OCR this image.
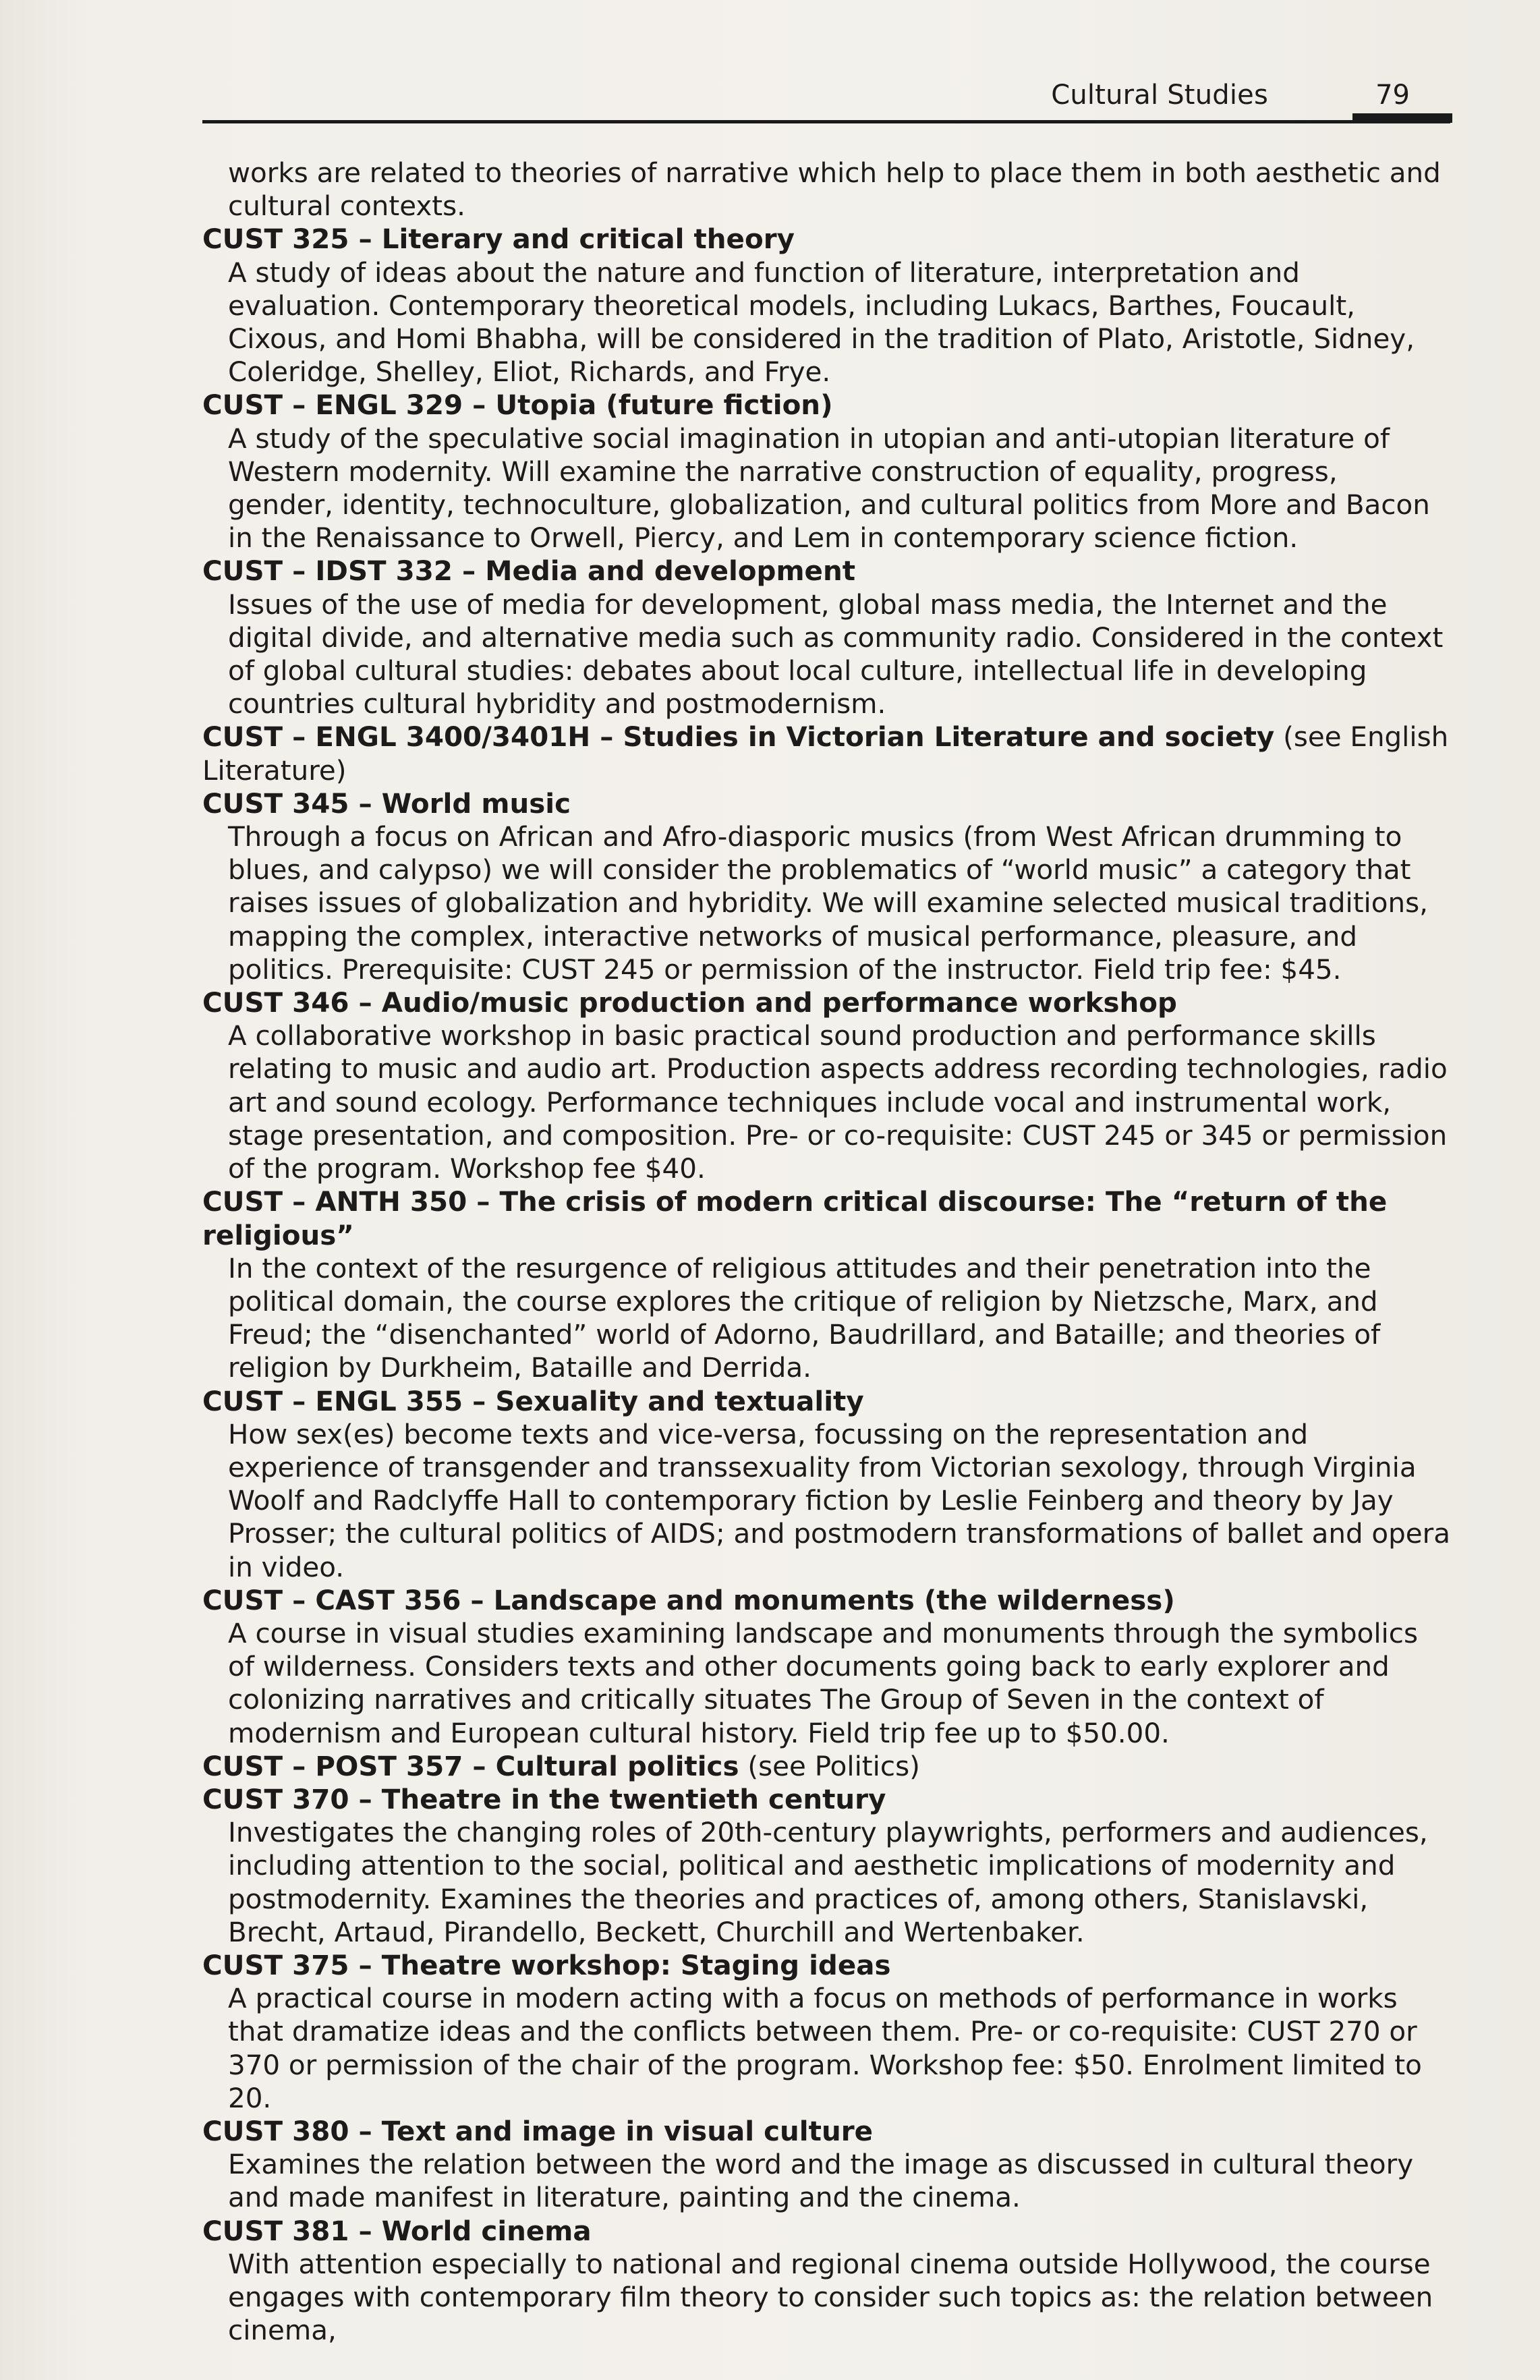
Cultural Studies	79

works are related to theories of narrative which help to place them in both aesthetic and cultural contexts.

CUST 325 – Literary and critical theory

A study of ideas about the nature and function of literature, interpretation and evaluation. Contemporary theoretical models, including Lukacs, Barthes, Foucault, Cixous, and Homi Bhabha, will be considered in the tradition of Plato, Aristotle, Sidney, Coleridge, Shelley, Eliot, Richards, and Frye.

CUST – ENGL 329 – Utopia (future fiction)

A study of the speculative social imagination in utopian and anti-utopian literature of Western modernity. Will examine the narrative construction of equality, progress, gender, identity, technoculture, globalization, and cultural politics from More and Bacon in the Renaissance to Orwell, Piercy, and Lem in contemporary science fiction.

CUST – IDST 332 – Media and development

Issues of the use of media for development, global mass media, the Internet and the digital divide, and alternative media such as community radio. Considered in the context of global cultural studies: debates about local culture, intellectual life in developing countries cultural hybridity and postmodernism.

CUST – ENGL 3400/3401H – Studies in Victorian Literature and society (see English Literature)

CUST 345 – World music

Through a focus on African and Afro-diasporic musics (from West African drumming to blues, and calypso) we will consider the problematics of “world music” a category that raises issues of globalization and hybridity. We will examine selected musical traditions, mapping the complex, interactive networks of musical performance, pleasure, and politics. Prerequisite: CUST 245 or permission of the instructor. Field trip fee: $45.

CUST 346 – Audio/music production and performance workshop

A collaborative workshop in basic practical sound production and performance skills relating to music and audio art. Production aspects address recording technologies, radio art and sound ecology. Performance techniques include vocal and instrumental work, stage presentation, and composition. Pre- or co-requisite: CUST 245 or 345 or permission of the program. Workshop fee $40.

CUST – ANTH 350 – The crisis of modern critical discourse: The “return of the religious”

In the context of the resurgence of religious attitudes and their penetration into the political domain, the course explores the critique of religion by Nietzsche, Marx, and Freud; the “disenchanted” world of Adorno, Baudrillard, and Bataille; and theories of religion by Durkheim, Bataille and Derrida.

CUST – ENGL 355 – Sexuality and textuality

How sex(es) become texts and vice-versa, focussing on the representation and experience of transgender and transsexuality from Victorian sexology, through Virginia Woolf and Radclyffe Hall to contemporary fiction by Leslie Feinberg and theory by Jay Prosser; the cultural politics of AIDS; and postmodern transformations of ballet and opera in video.

CUST – CAST 356 – Landscape and monuments (the wilderness)

A course in visual studies examining landscape and monuments through the symbolics of wilderness. Considers texts and other documents going back to early explorer and colonizing narratives and critically situates The Group of Seven in the context of modernism and European cultural history. Field trip fee up to $50.00.

CUST – POST 357 – Cultural politics (see Politics)

CUST 370 – Theatre in the twentieth century

Investigates the changing roles of 20th-century playwrights, performers and audiences, including attention to the social, political and aesthetic implications of modernity and postmodernity. Examines the theories and practices of, among others, Stanislavski, Brecht, Artaud, Pirandello, Beckett, Churchill and Wertenbaker.

CUST 375 – Theatre workshop: Staging ideas

A practical course in modern acting with a focus on methods of performance in works that dramatize ideas and the conflicts between them. Pre- or co-requisite: CUST 270 or 370 or permission of the chair of the program. Workshop fee: $50. Enrolment limited to 20.

CUST 380 – Text and image in visual culture

Examines the relation between the word and the image as discussed in cultural theory and made manifest in literature, painting and the cinema.

CUST 381 – World cinema

With attention especially to national and regional cinema outside Hollywood, the course engages with contemporary film theory to consider such topics as: the relation between cinema,
